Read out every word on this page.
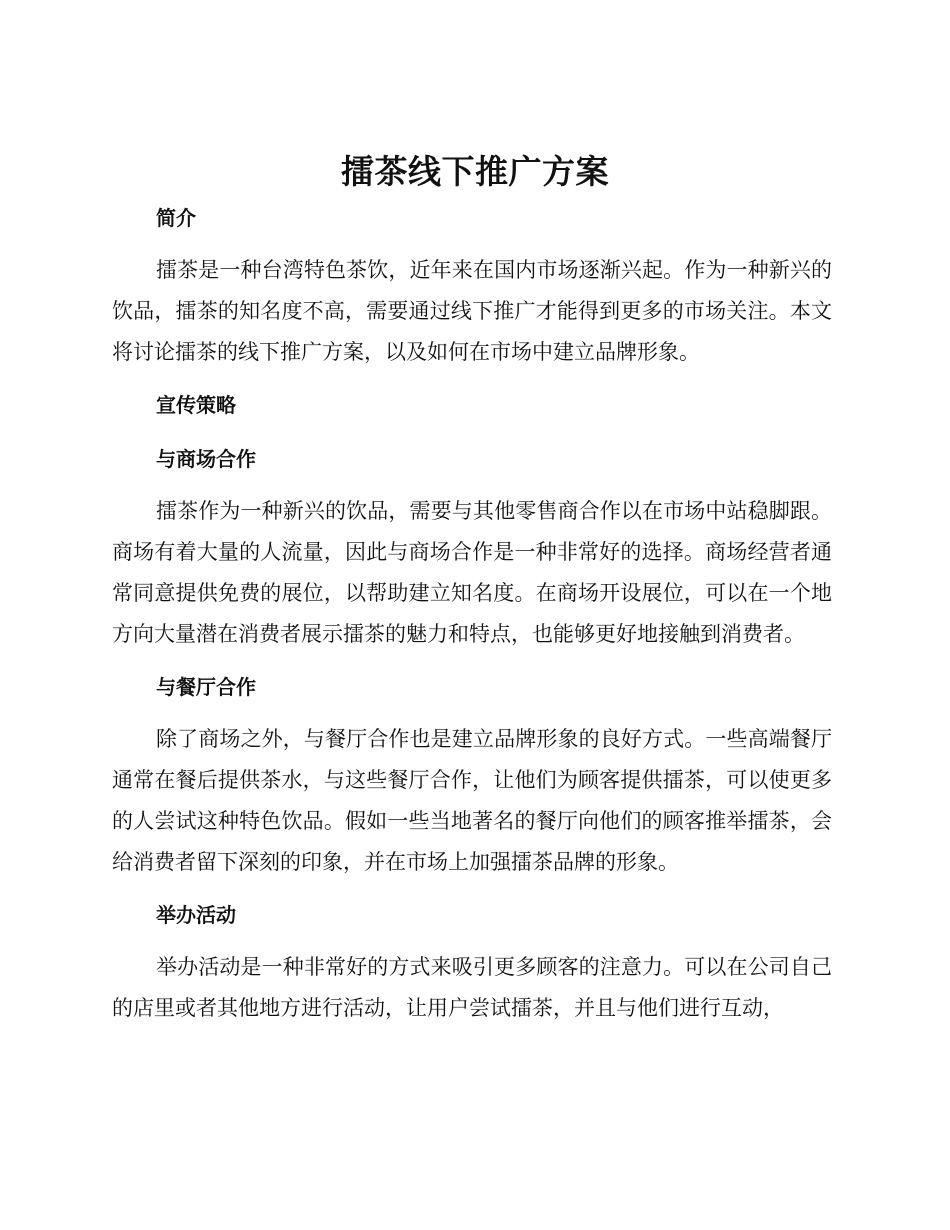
擂茶线下推广方案
简介

擂茶是一种台湾特色茶饮，近年来在国内市场逐渐兴起。作为一种新兴的饮品，擂茶的知名度不高，需要通过线下推广才能得到更多的市场关注。本文将讨论擂茶的线下推广方案，以及如何在市场中建立品牌形象。

宣传策略
与商场合作

擂茶作为一种新兴的饮品，需要与其他零售商合作以在市场中站稳脚跟。商场有着大量的人流量，因此与商场合作是一种非常好的选择。商场经营者通常同意提供免费的展位，以帮助建立知名度。在商场开设展位，可以在一个地方向大量潜在消费者展示擂茶的魅力和特点，也能够更好地接触到消费者。

与餐厅合作

除了商场之外，与餐厅合作也是建立品牌形象的良好方式。一些高端餐厅通常在餐后提供茶水，与这些餐厅合作，让他们为顾客提供擂茶，可以使更多的人尝试这种特色饮品。假如一些当地著名的餐厅向他们的顾客推举擂茶，会给消费者留下深刻的印象，并在市场上加强擂茶品牌的形象。

举办活动

举办活动是一种非常好的方式来吸引更多顾客的注意力。可以在公司自己的店里或者其他地方进行活动，让用户尝试擂茶，并且与他们进行互动，
